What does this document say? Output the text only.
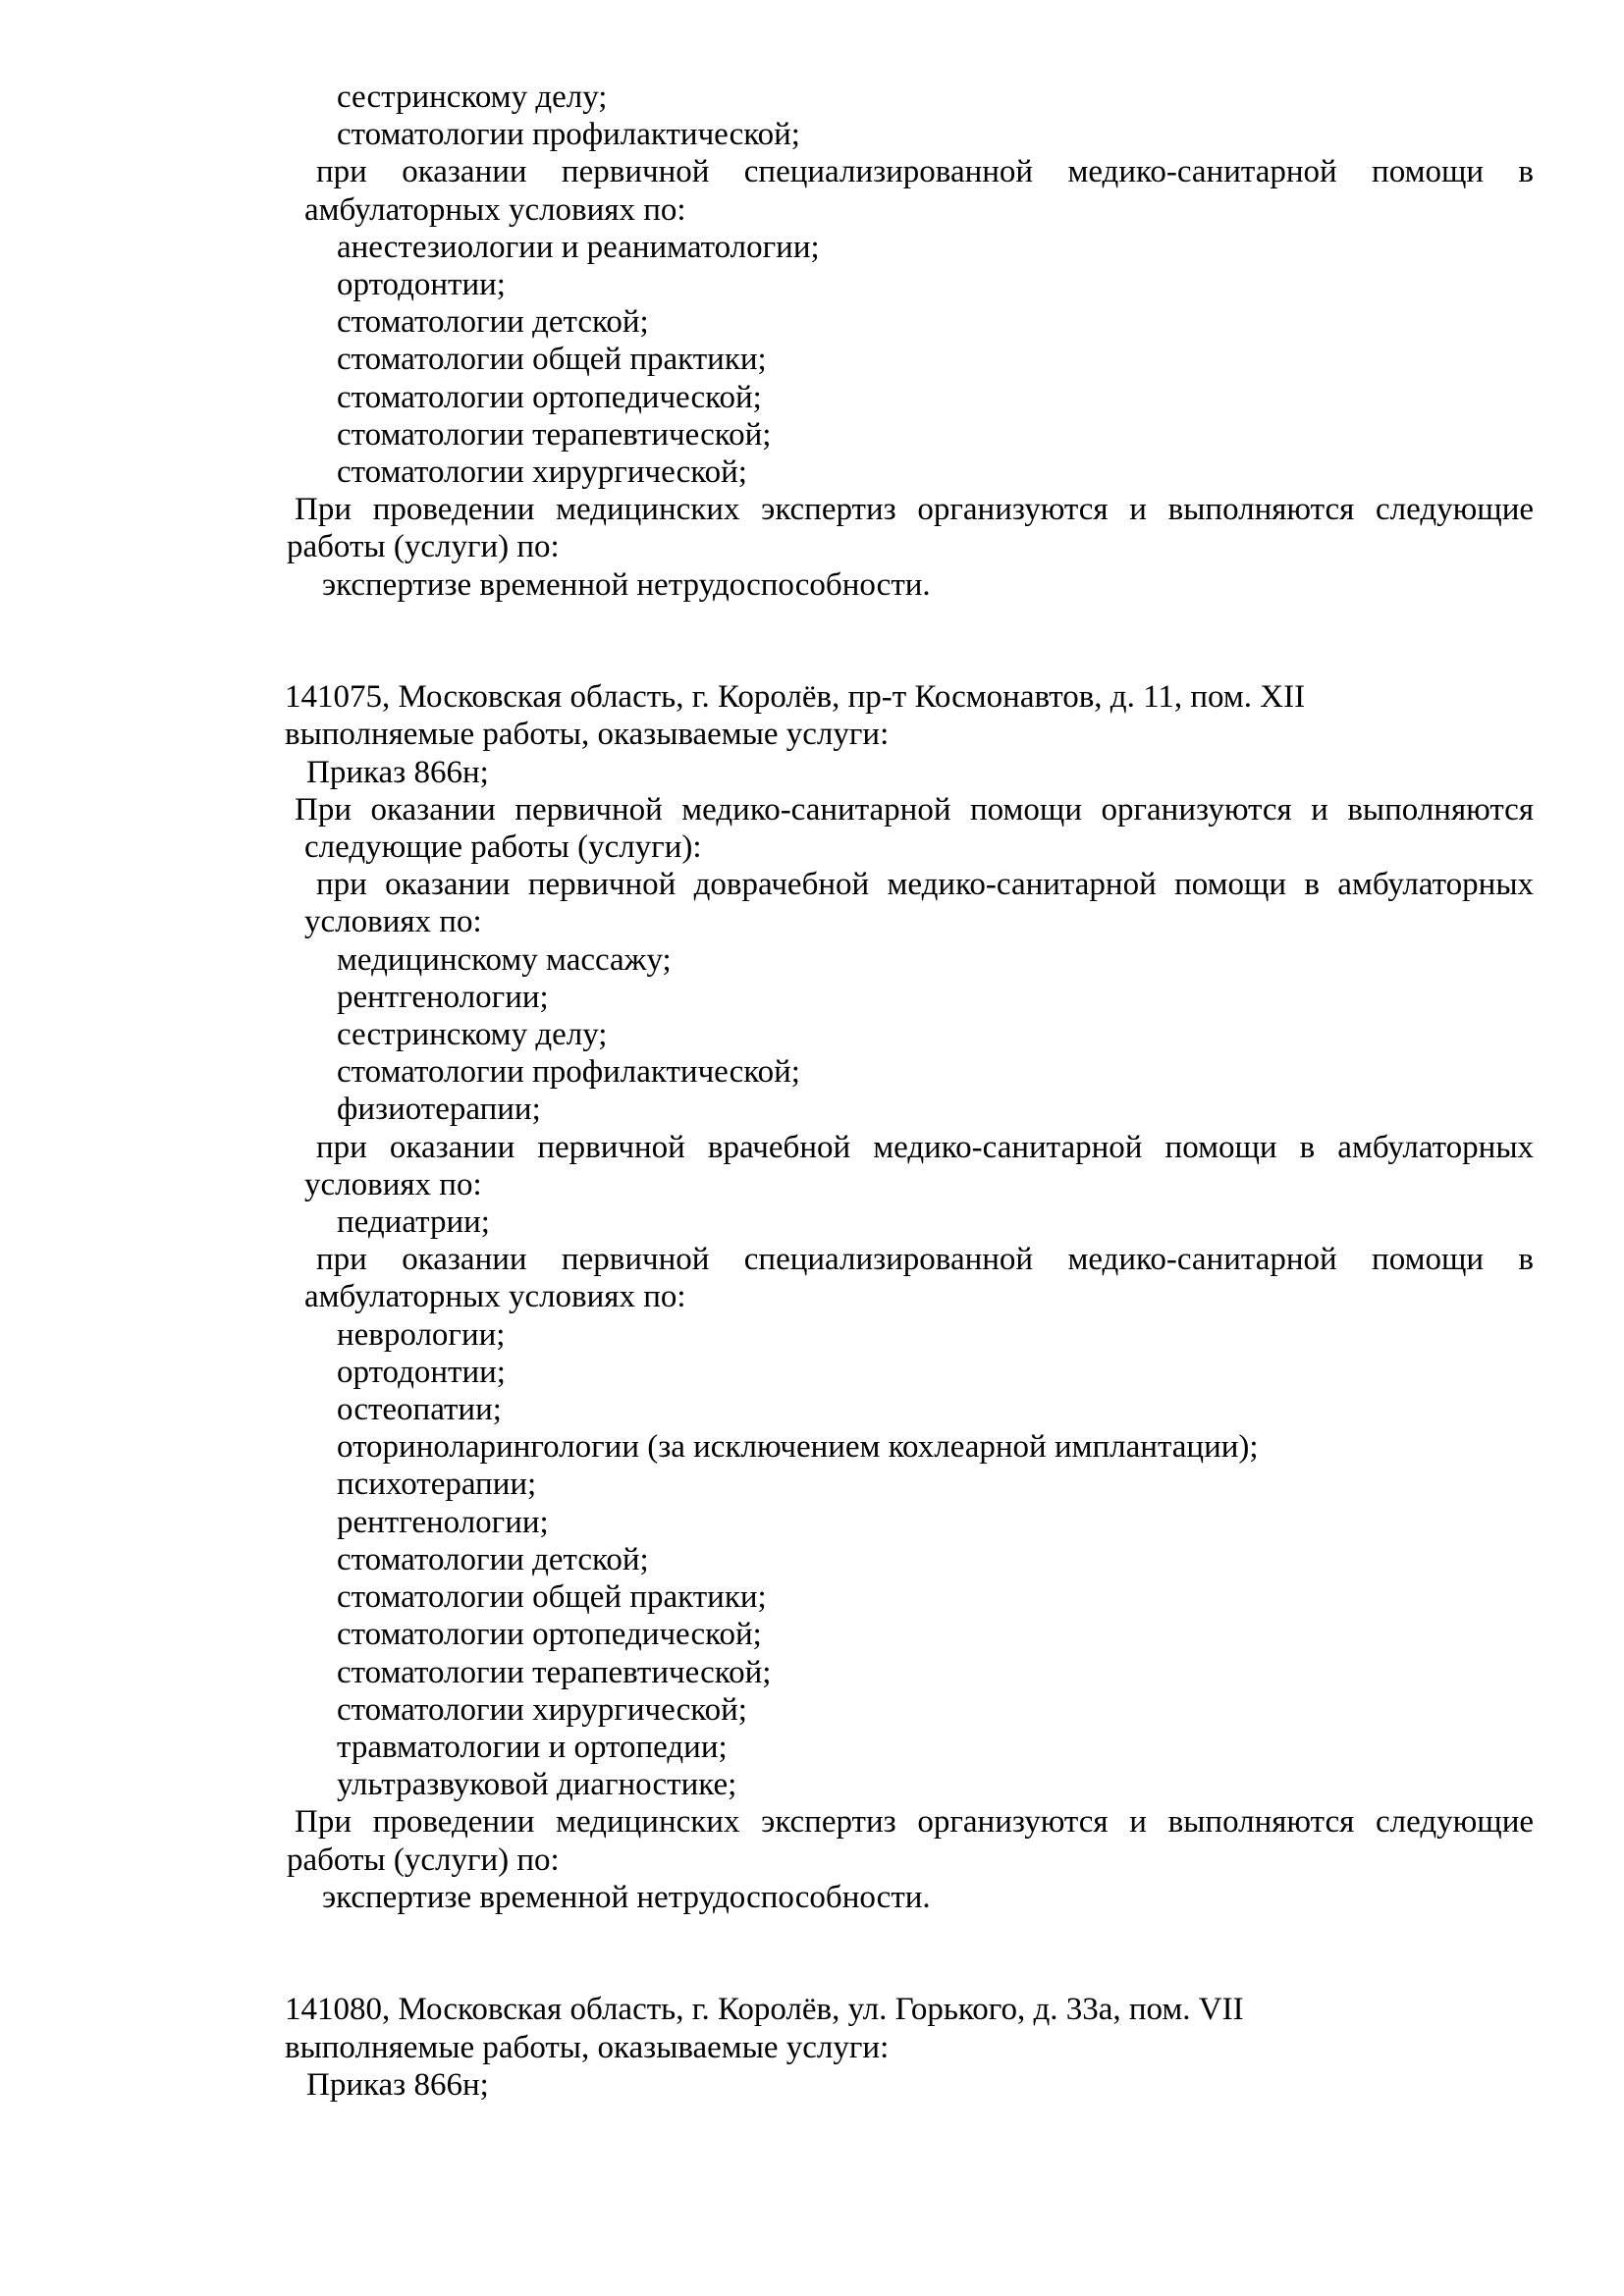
сестринскому делу;
стоматологии профилактической;
при оказании первичной специализированной медико-санитарной помощи в
амбулаторных условиях по:
анестезиологии и реаниматологии;
ортодонтии;
стоматологии детской;
стоматологии общей практики;
стоматологии ортопедической;
стоматологии терапевтической;
стоматологии хирургической;
При проведении медицинских экспертиз организуются и выполняются следующие
работы (услуги) по:
экспертизе временной нетрудоспособности.
141075, Московская область, г. Королёв, пр-т Космонавтов, д. 11, пом. XII
выполняемые работы, оказываемые услуги:
Приказ 866н;
При оказании первичной медико-санитарной помощи организуются и выполняются
следующие работы (услуги):
при оказании первичной доврачебной медико-санитарной помощи в амбулаторных
условиях по:
медицинскому массажу;
рентгенологии;
сестринскому делу;
стоматологии профилактической;
физиотерапии;
при оказании первичной врачебной медико-санитарной помощи в амбулаторных
условиях по:
педиатрии;
при оказании первичной специализированной медико-санитарной помощи в
амбулаторных условиях по:
неврологии;
ортодонтии;
остеопатии;
оториноларингологии (за исключением кохлеарной имплантации);
психотерапии;
рентгенологии;
стоматологии детской;
стоматологии общей практики;
стоматологии ортопедической;
стоматологии терапевтической;
стоматологии хирургической;
травматологии и ортопедии;
ультразвуковой диагностике;
При проведении медицинских экспертиз организуются и выполняются следующие
работы (услуги) по:
экспертизе временной нетрудоспособности.
141080, Московская область, г. Королёв, ул. Горького, д. 33а, пом. VII
выполняемые работы, оказываемые услуги:
Приказ 866н;
